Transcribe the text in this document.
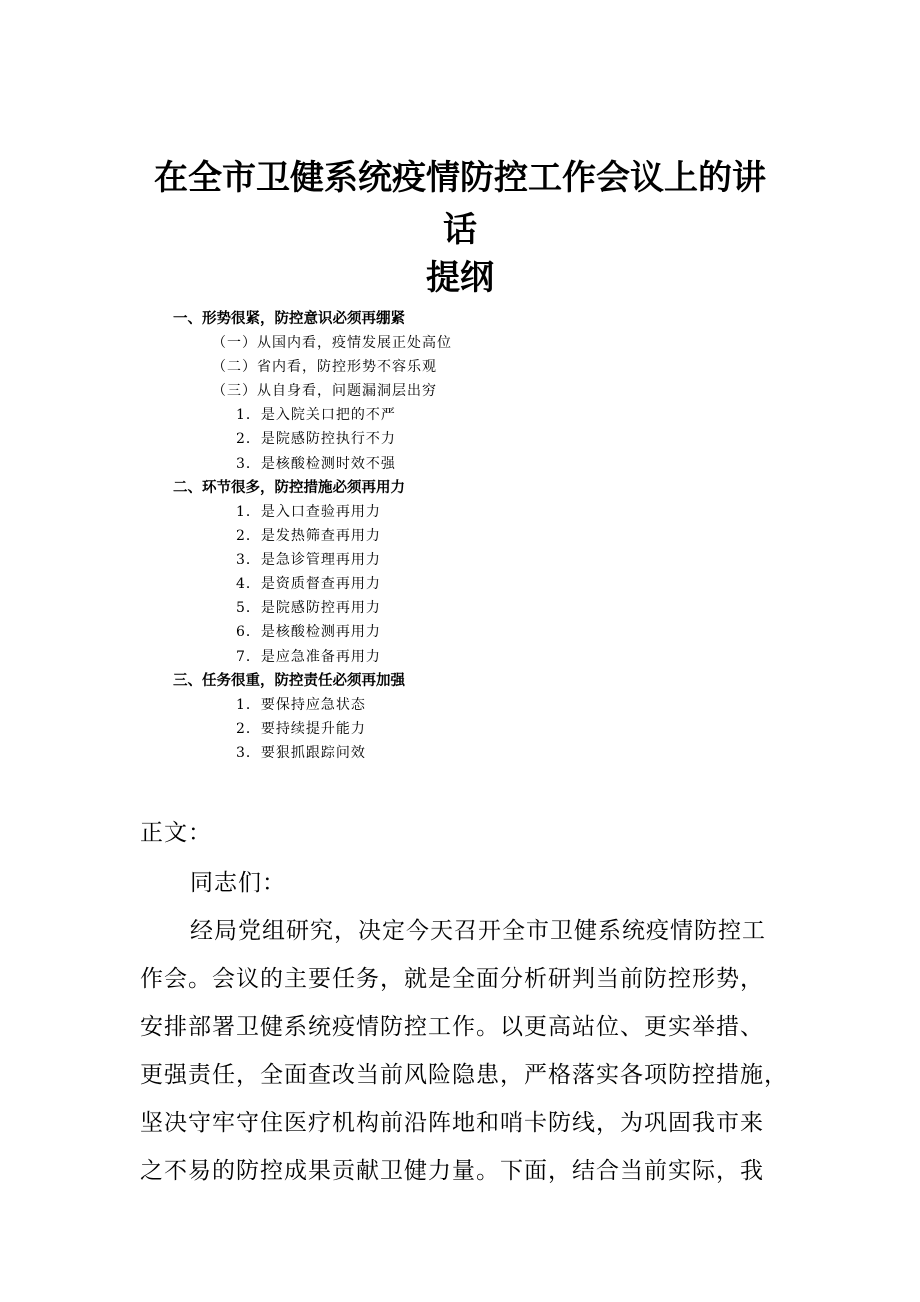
在全市卫健系统疫情防控工作会议上的讲
话
提纲
一、形势很紧，防控意识必须再绷紧
（一）从国内看，疫情发展正处高位
（二）省内看，防控形势不容乐观
（三）从自身看，问题漏洞层出穷
1．是入院关口把的不严
2．是院感防控执行不力
3．是核酸检测时效不强
二、环节很多，防控措施必须再用力
1．是入口查验再用力
2．是发热筛查再用力
3．是急诊管理再用力
4．是资质督查再用力
5．是院感防控再用力
6．是核酸检测再用力
7．是应急准备再用力
三、任务很重，防控责任必须再加强
1．要保持应急状态
2．要持续提升能力
3．要狠抓跟踪问效
正文：
同志们：
经局党组研究，决定今天召开全市卫健系统疫情防控工
作会。会议的主要任务，就是全面分析研判当前防控形势，
安排部署卫健系统疫情防控工作。以更高站位、更实举措、
更强责任，全面查改当前风险隐患，严格落实各项防控措施，
坚决守牢守住医疗机构前沿阵地和哨卡防线，为巩固我市来
之不易的防控成果贡献卫健力量。下面，结合当前实际，我
